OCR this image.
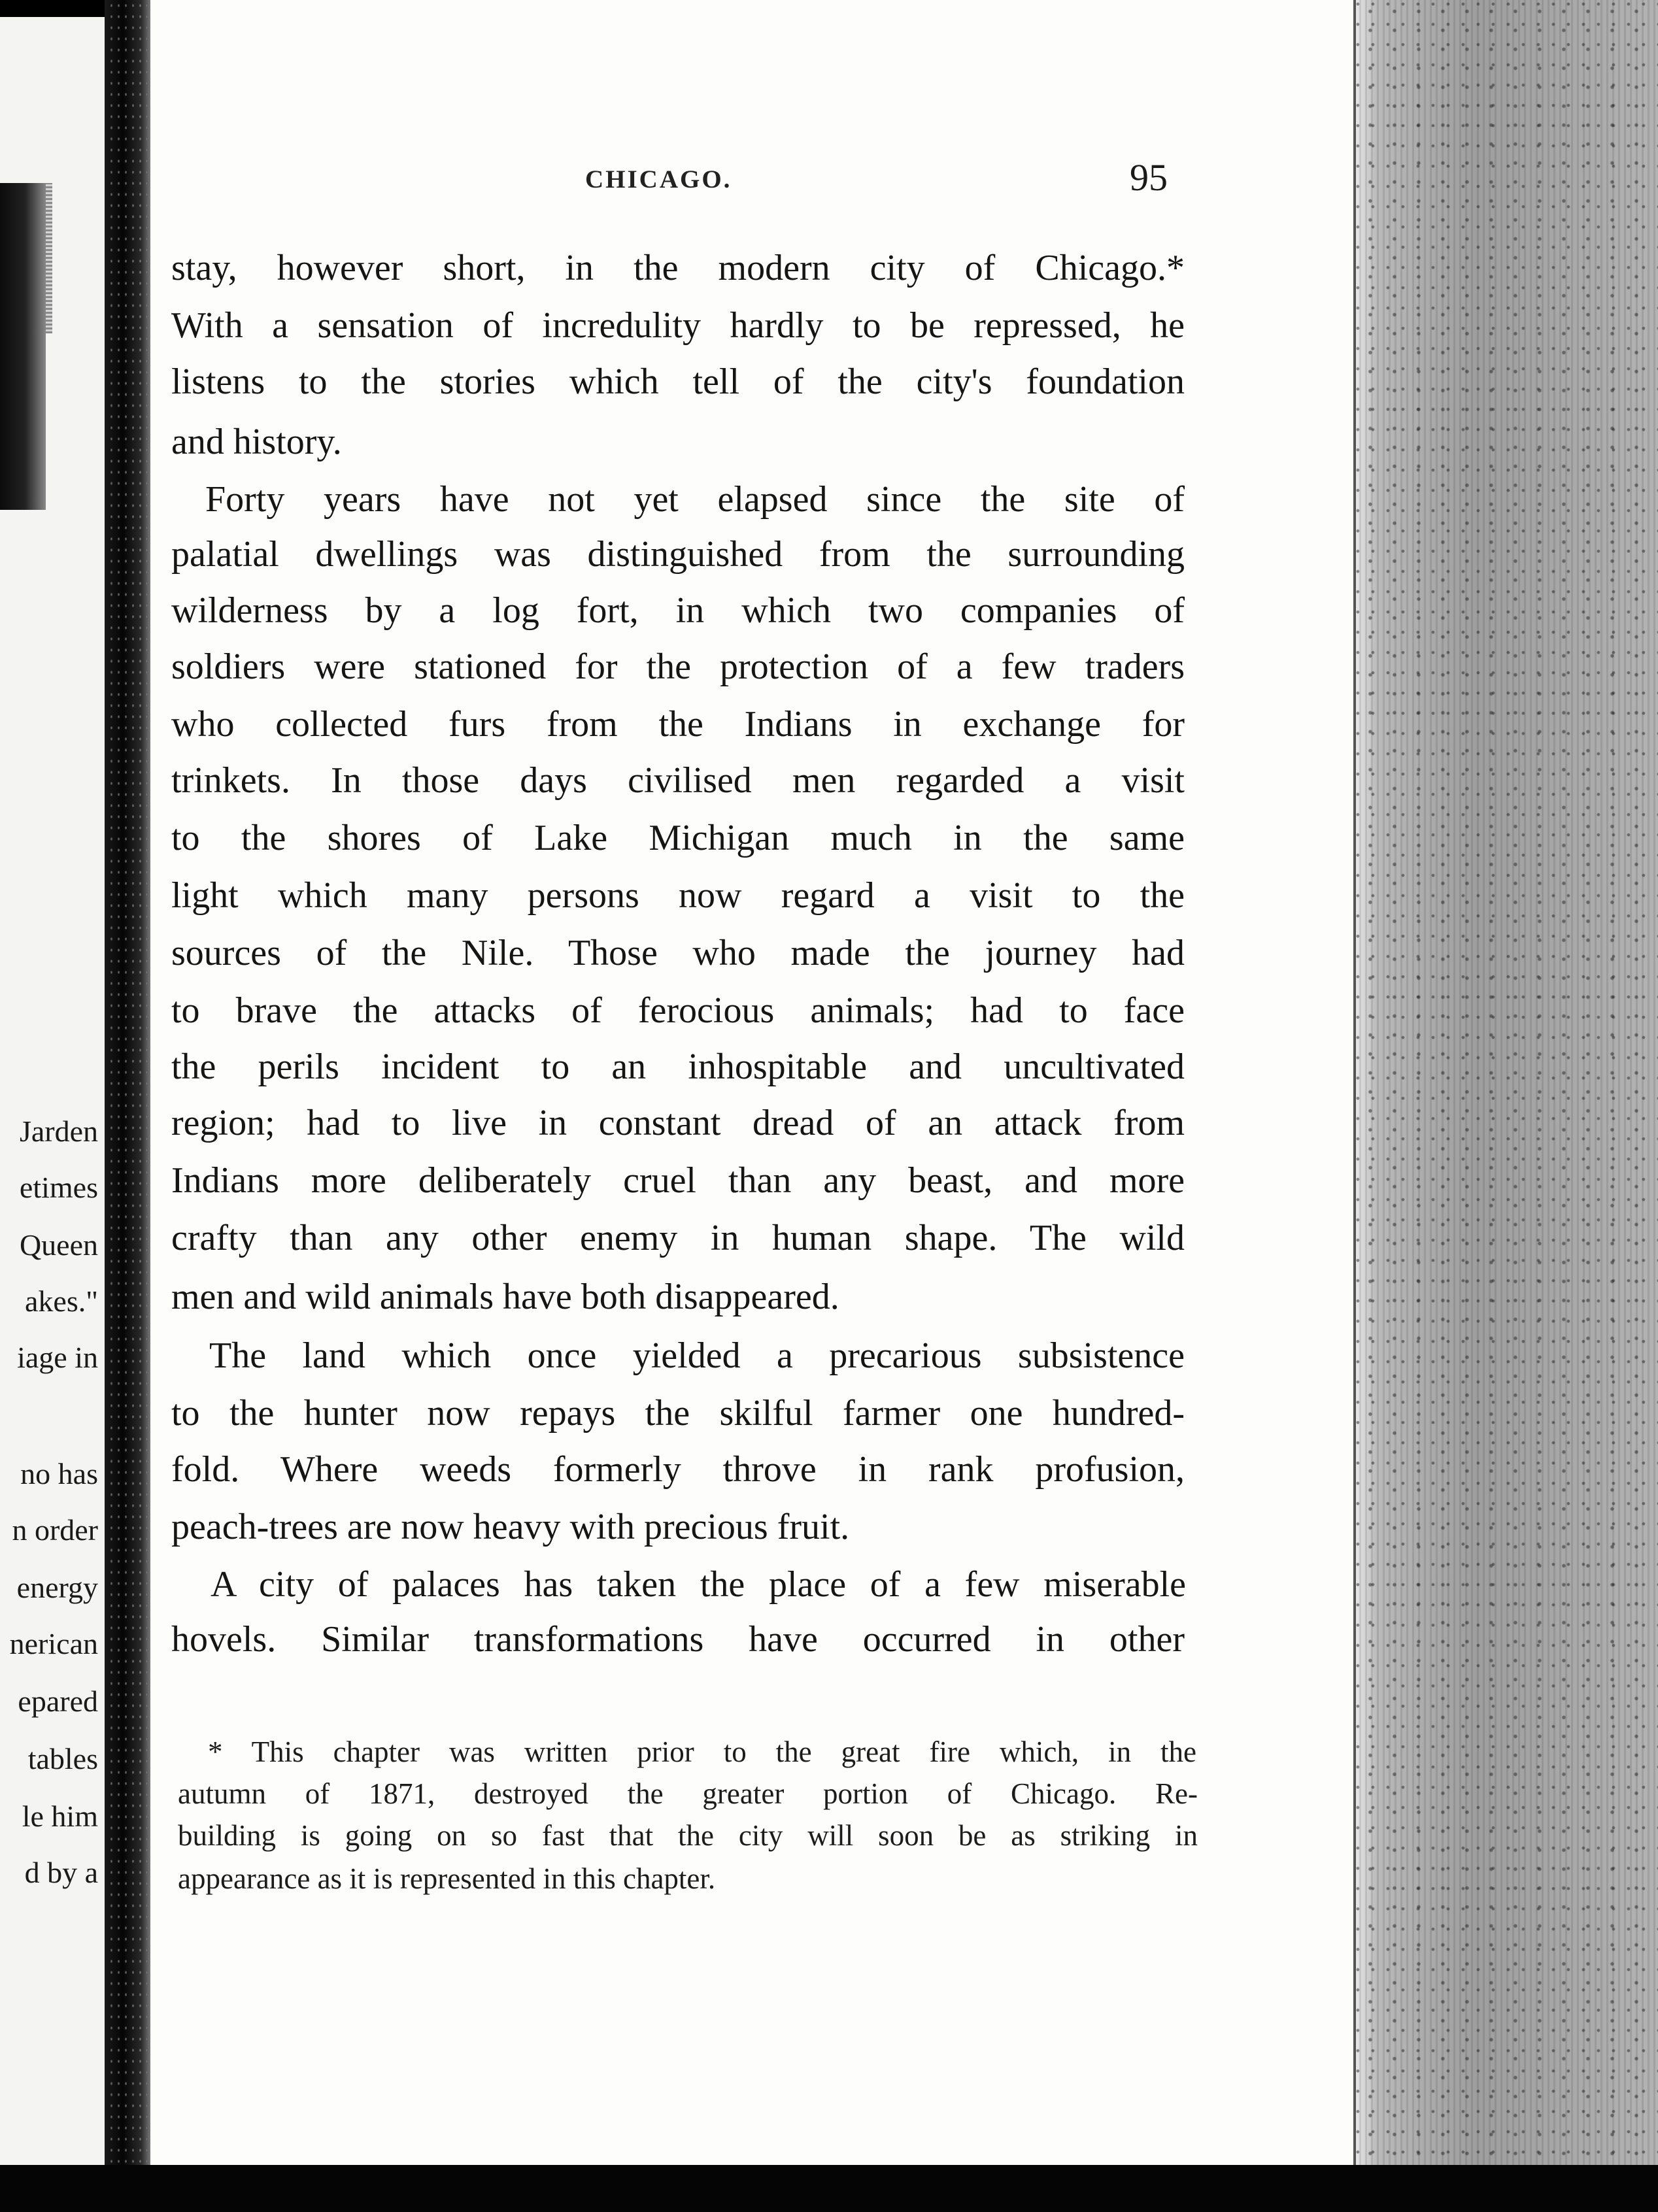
Jarden
etimes
Queen
akes."
iage in
no has
n order
energy
nerican
epared
tables
le him
d by a
CHICAGO.	95
stay, however short, in the modern city of Chicago.*
With a sensation of incredulity hardly to be repressed, he
listens to the stories which tell of the city's foundation
and history.
Forty years have not yet elapsed since the site of
palatial dwellings was distinguished from the surrounding
wilderness by a log fort, in which two companies of
soldiers were stationed for the protection of a few traders
who collected furs from the Indians in exchange for
trinkets. In those days civilised men regarded a visit
to the shores of Lake Michigan much in the same
light which many persons now regard a visit to the
sources of the Nile. Those who made the journey had
to brave the attacks of ferocious animals; had to face
the perils incident to an inhospitable and uncultivated
region; had to live in constant dread of an attack from
Indians more deliberately cruel than any beast, and more
crafty than any other enemy in human shape. The wild
men and wild animals have both disappeared.
The land which once yielded a precarious subsistence
to the hunter now repays the skilful farmer one hundred-
fold. Where weeds formerly throve in rank profusion,
peach-trees are now heavy with precious fruit.
A city of palaces has taken the place of a few miserable
hovels. Similar transformations have occurred in other
* This chapter was written prior to the great fire which, in the
autumn of 1871, destroyed the greater portion of Chicago. Re-
building is going on so fast that the city will soon be as striking in
appearance as it is represented in this chapter.
